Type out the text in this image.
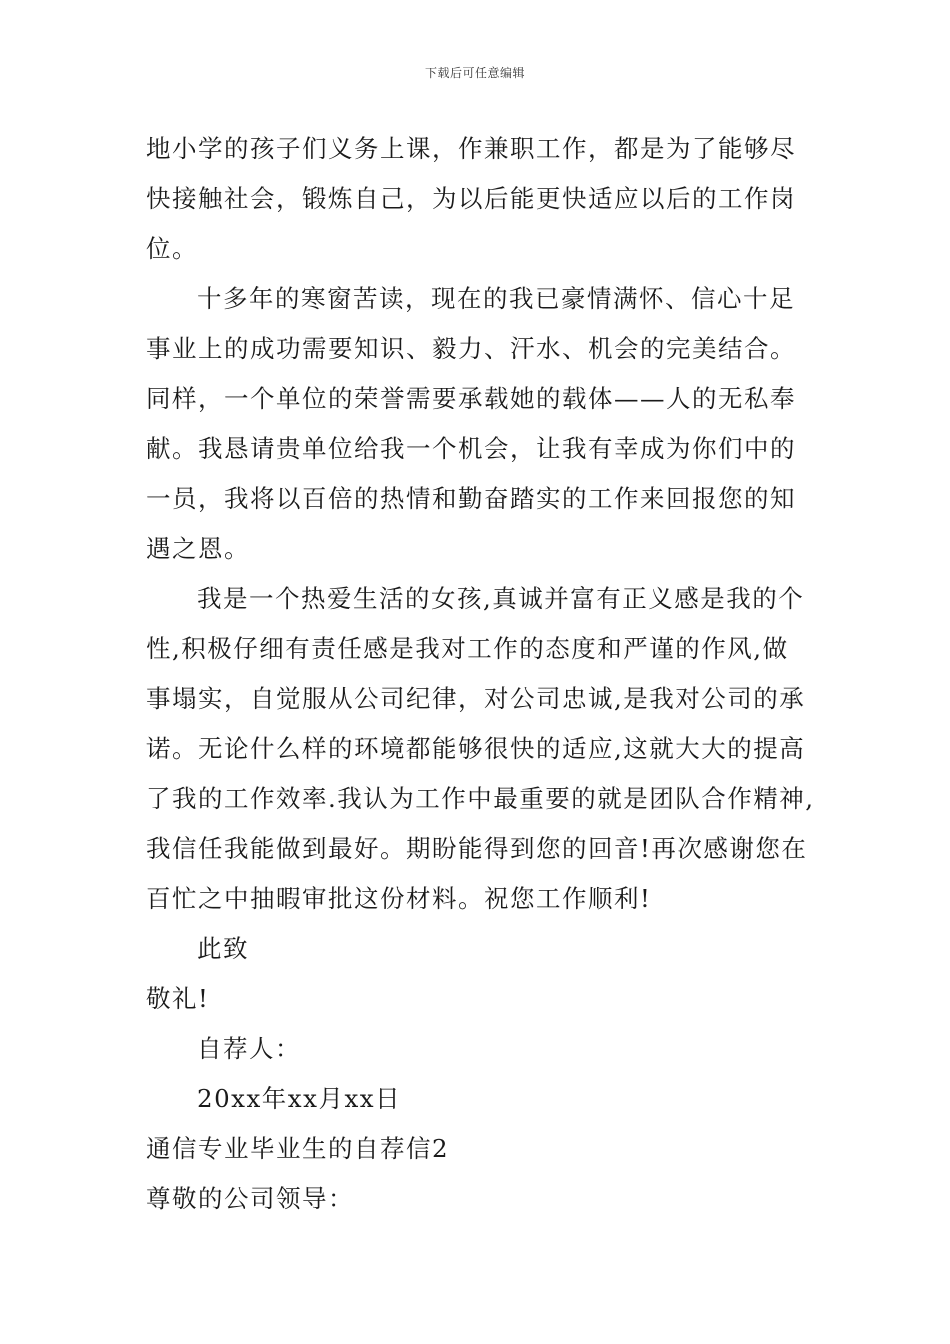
下载后可任意编辑
地小学的孩子们义务上课，作兼职工作，都是为了能够尽
快接触社会，锻炼自己，为以后能更快适应以后的工作岗
位。
十多年的寒窗苦读，现在的我已豪情满怀、信心十足
事业上的成功需要知识、毅力、汗水、机会的完美结合。
同样，一个单位的荣誉需要承载她的载体——人的无私奉
献。我恳请贵单位给我一个机会，让我有幸成为你们中的
一员，我将以百倍的热情和勤奋踏实的工作来回报您的知
遇之恩。
我是一个热爱生活的女孩,真诚并富有正义感是我的个
性,积极仔细有责任感是我对工作的态度和严谨的作风,做
事塌实，自觉服从公司纪律，对公司忠诚,是我对公司的承
诺。无论什么样的环境都能够很快的适应,这就大大的提高
了我的工作效率.我认为工作中最重要的就是团队合作精神,
我信任我能做到最好。期盼能得到您的回音!再次感谢您在
百忙之中抽暇审批这份材料。祝您工作顺利!
此致
敬礼!
自荐人：
20xx年xx月xx日
通信专业毕业生的自荐信2
尊敬的公司领导：
